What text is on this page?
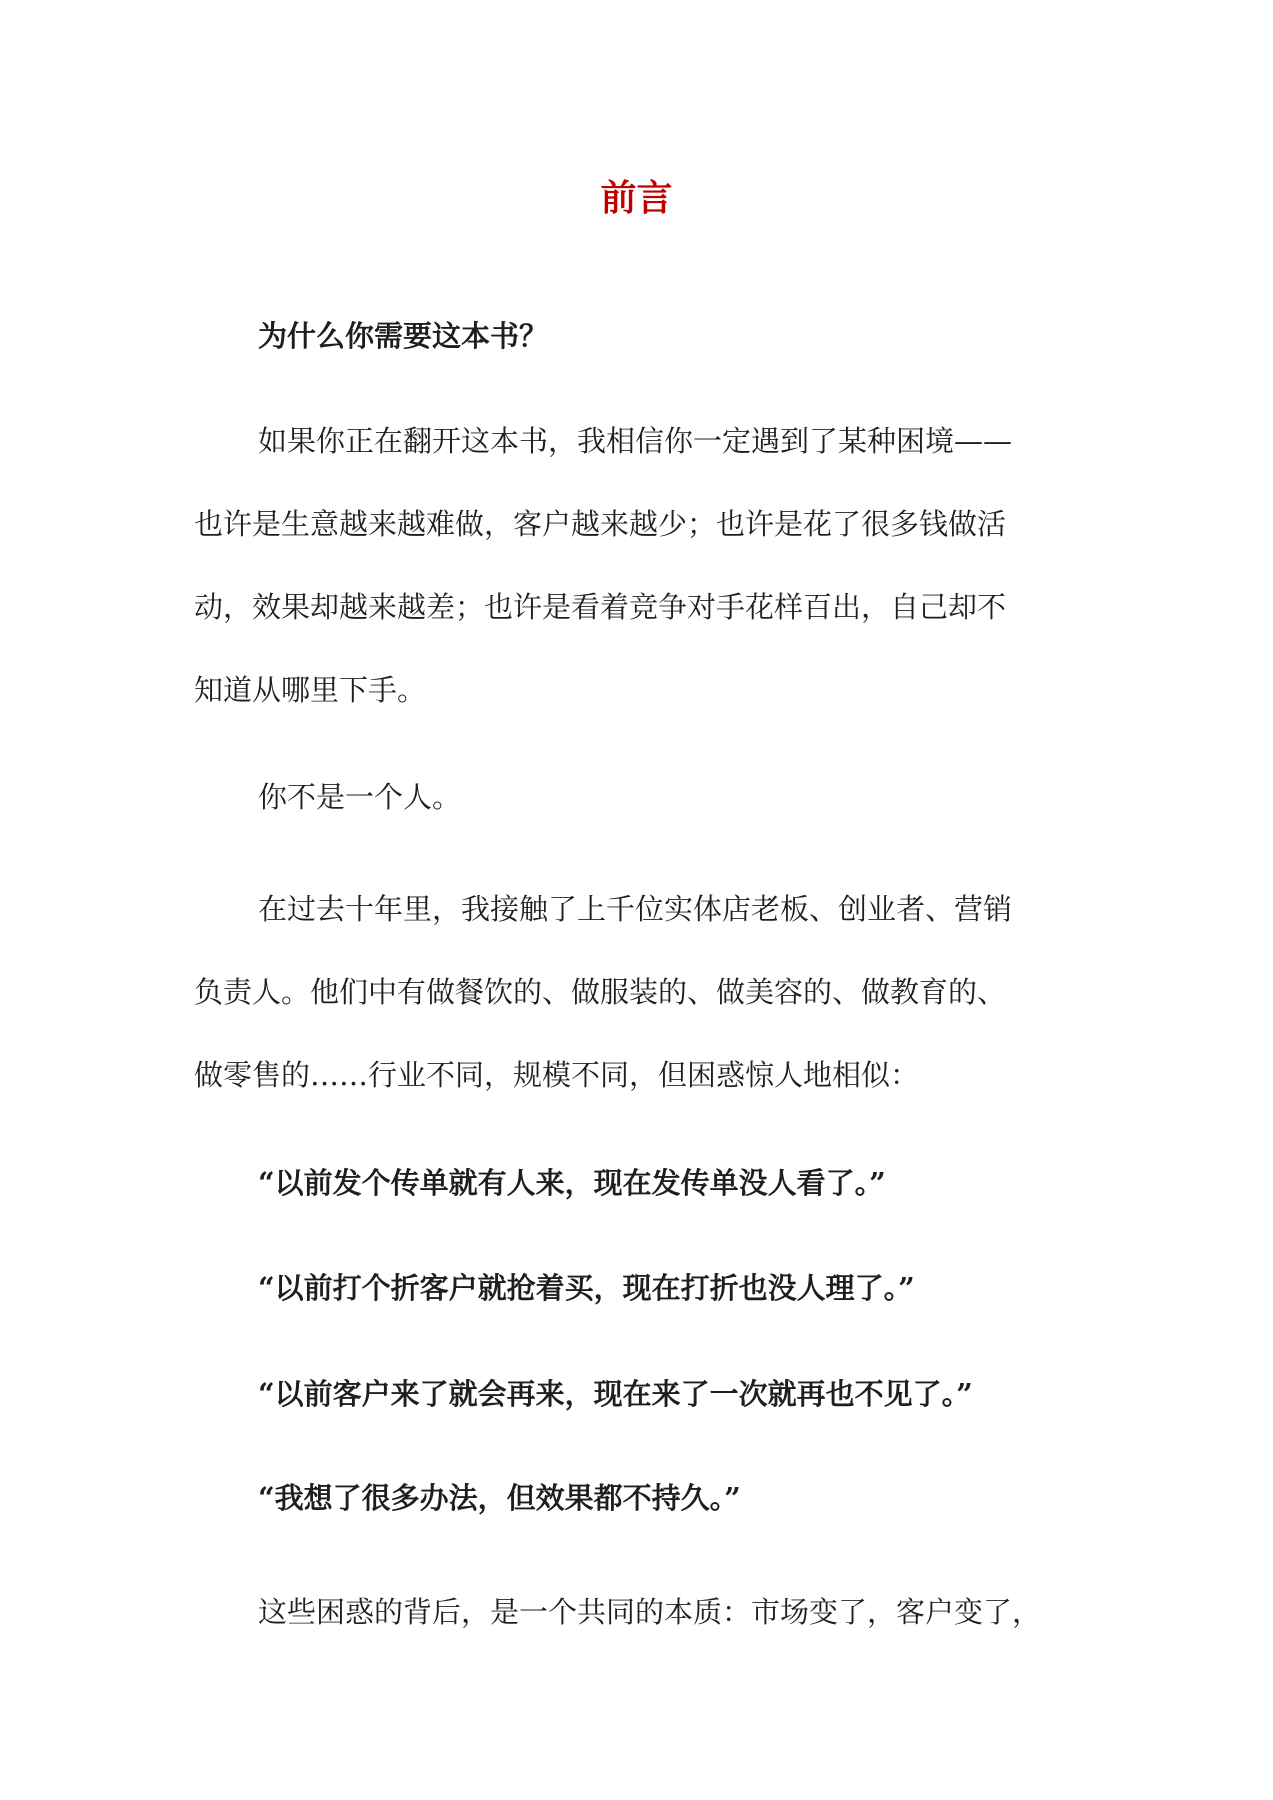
前言

为什么你需要这本书？

如果你正在翻开这本书，我相信你一定遇到了某种困境——

也许是生意越来越难做，客户越来越少；也许是花了很多钱做活

动，效果却越来越差；也许是看着竞争对手花样百出，自己却不

知道从哪里下手。

你不是一个人。

在过去十年里，我接触了上千位实体店老板、创业者、营销

负责人。他们中有做餐饮的、做服装的、做美容的、做教育的、

做零售的……行业不同，规模不同，但困惑惊人地相似：

“以前发个传单就有人来，现在发传单没人看了。”

“以前打个折客户就抢着买，现在打折也没人理了。”

“以前客户来了就会再来，现在来了一次就再也不见了。”

“我想了很多办法，但效果都不持久。”

这些困惑的背后，是一个共同的本质：市场变了，客户变了，
